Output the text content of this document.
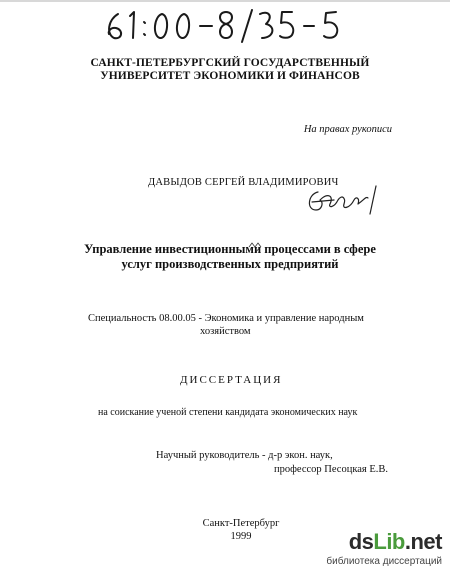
САНКТ-ПЕТЕРБУРГСКИЙ ГОСУДАРСТВЕННЫЙ
УНИВЕРСИТЕТ ЭКОНОМИКИ И ФИНАНСОВ
На правах рукописи
ДАВЫДОВ СЕРГЕЙ ВЛАДИМИРОВИЧ
Управление инвестиционными процессами в сфере
услуг производственных предприятий
Специальность 08.00.05 - Экономика и управление народным
хозяйством
ДИССЕРТАЦИЯ
на соискание ученой степени кандидата экономических наук
Научный руководитель - д-р экон. наук,
профессор Песоцкая Е.В.
Санкт-Петербург
1999	dsLib.net
библиотека диссертаций
